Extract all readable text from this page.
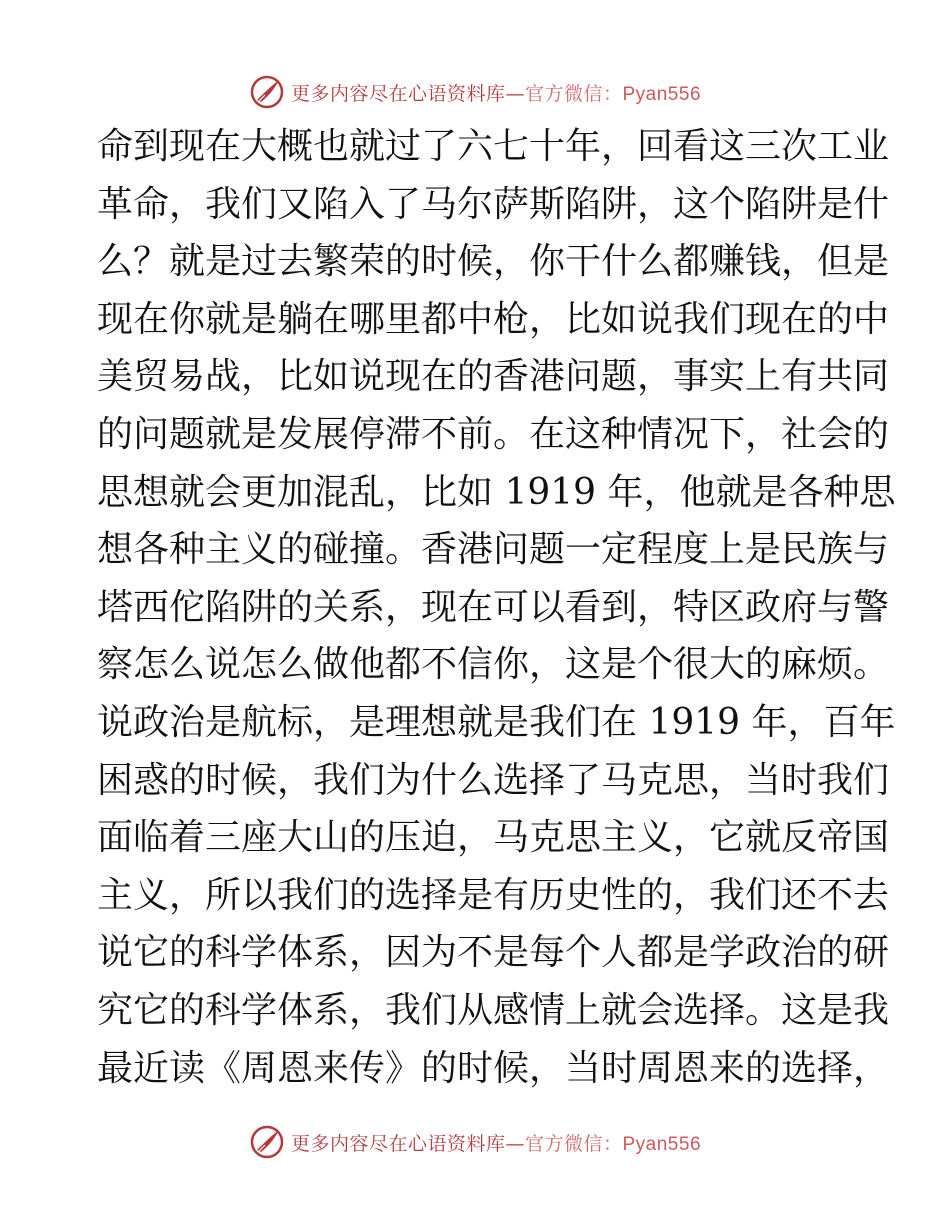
更多内容尽在心语资料库—官方微信：Pyan556
命到现在大概也就过了六七十年，回看这三次工业
革命，我们又陷入了马尔萨斯陷阱，这个陷阱是什
么？就是过去繁荣的时候，你干什么都赚钱，但是
现在你就是躺在哪里都中枪，比如说我们现在的中
美贸易战，比如说现在的香港问题，事实上有共同
的问题就是发展停滞不前。在这种情况下，社会的
思想就会更加混乱，比如 1919 年，他就是各种思
想各种主义的碰撞。香港问题一定程度上是民族与
塔西佗陷阱的关系，现在可以看到，特区政府与警
察怎么说怎么做他都不信你，这是个很大的麻烦。
说政治是航标，是理想就是我们在 1919 年，百年
困惑的时候，我们为什么选择了马克思，当时我们
面临着三座大山的压迫，马克思主义，它就反帝国
主义，所以我们的选择是有历史性的，我们还不去
说它的科学体系，因为不是每个人都是学政治的研
究它的科学体系，我们从感情上就会选择。这是我
最近读《周恩来传》的时候，当时周恩来的选择，
更多内容尽在心语资料库—官方微信：Pyan556
